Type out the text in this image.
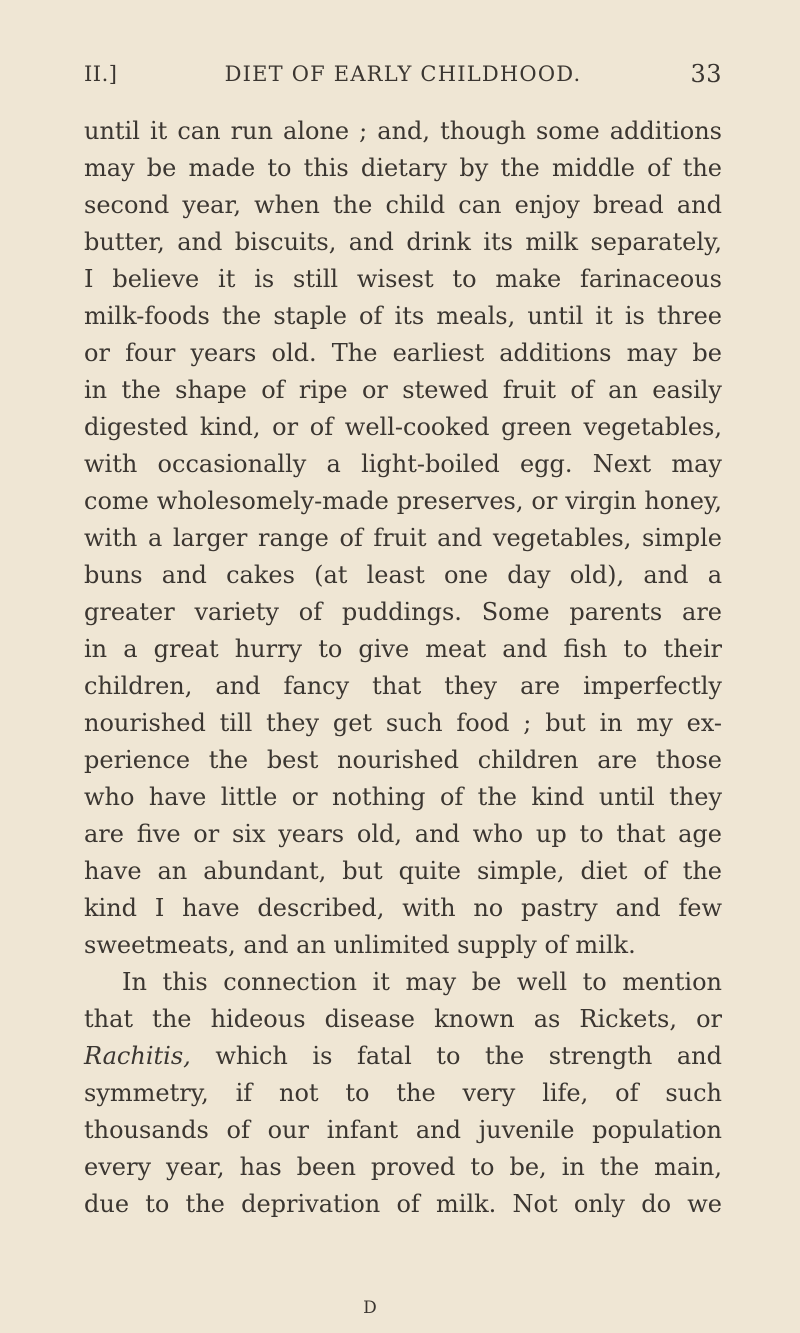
II.]	DIET OF EARLY CHILDHOOD.	33
until it can run alone ; and, though some additions
may be made to this dietary by the middle of the
second year, when the child can enjoy bread and
butter, and biscuits, and drink its milk separately,
I believe it is still wisest to make farinaceous
milk-foods the staple of its meals, until it is three
or four years old. The earliest additions may be
in the shape of ripe or stewed fruit of an easily
digested kind, or of well-cooked green vegetables,
with occasionally a light-boiled egg. Next may
come wholesomely-made preserves, or virgin honey,
with a larger range of fruit and vegetables, simple
buns and cakes (at least one day old), and a
greater variety of puddings. Some parents are
in a great hurry to give meat and fish to their
children, and fancy that they are imperfectly
nourished till they get such food ; but in my ex-
perience the best nourished children are those
who have little or nothing of the kind until they
are five or six years old, and who up to that age
have an abundant, but quite simple, diet of the
kind I have described, with no pastry and few
sweetmeats, and an unlimited supply of milk.
In this connection it may be well to mention
that the hideous disease known as Rickets, or
Rachitis, which is fatal to the strength and
symmetry, if not to the very life, of such
thousands of our infant and juvenile population
every year, has been proved to be, in the main,
due to the deprivation of milk. Not only do we
D
